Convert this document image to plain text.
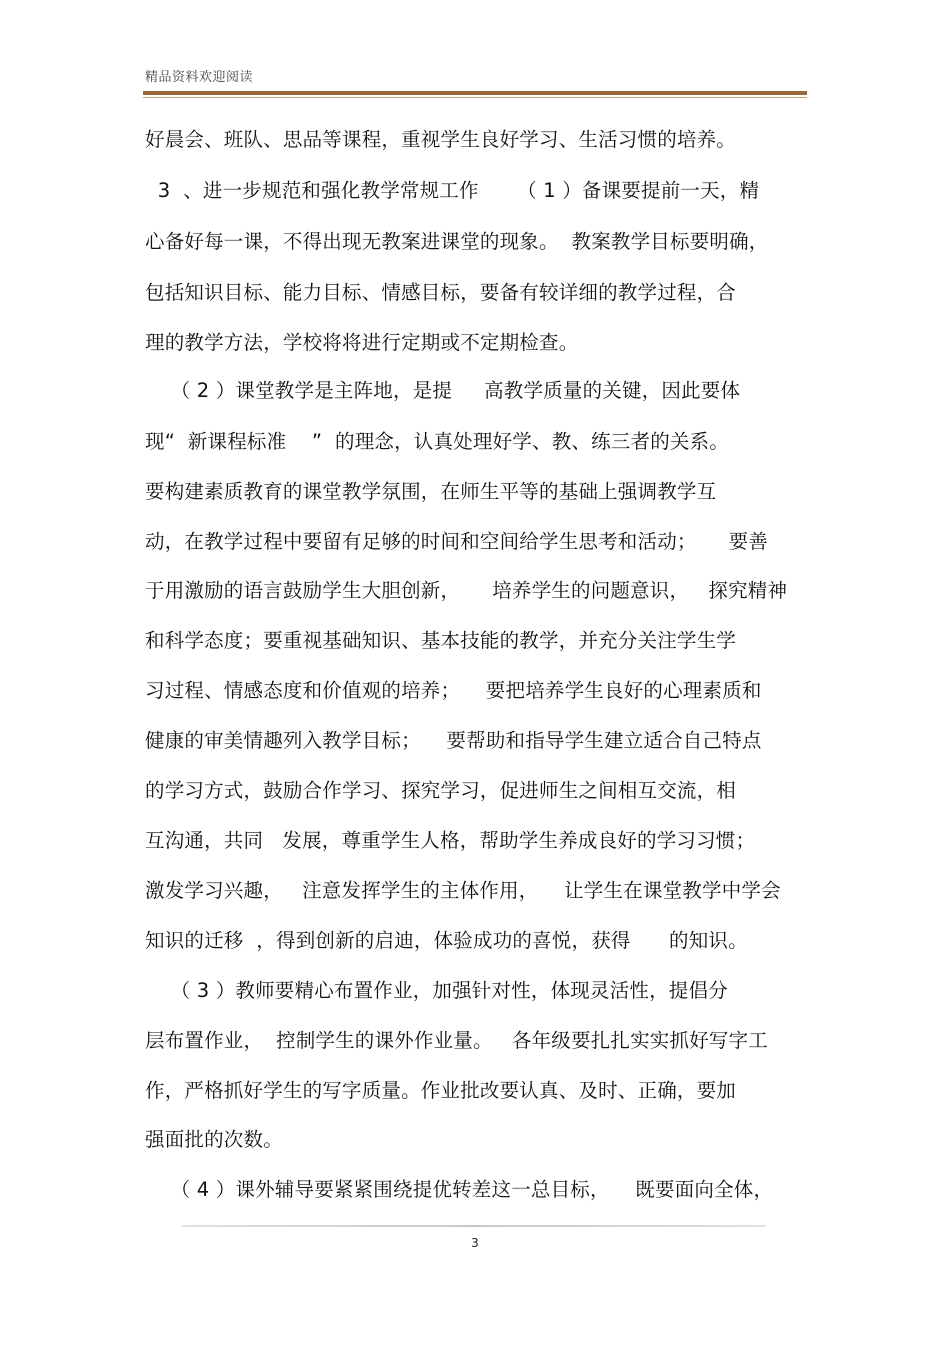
精品资料欢迎阅读
好晨会、班队、思品等课程，重视学生良好学习、生活习惯的培养。
3  、进一步规范和强化教学常规工作      （ 1 ）备课要提前一天，精
心备好每一课，不得出现无教案进课堂的现象。  教案教学目标要明确，
包括知识目标、能力目标、情感目标，要备有较详细的教学过程，合
理的教学方法，学校将将进行定期或不定期检查。
（ 2 ）课堂教学是主阵地，是提     高教学质量的关键，因此要体
现“  新课程标准    ”  的理念，认真处理好学、教、练三者的关系。
要构建素质教育的课堂教学氛围，在师生平等的基础上强调教学互
动，在教学过程中要留有足够的时间和空间给学生思考和活动；     要善
于用激励的语言鼓励学生大胆创新，     培养学生的问题意识，   探究精神
和科学态度；要重视基础知识、基本技能的教学，并充分关注学生学
习过程、情感态度和价值观的培养；    要把培养学生良好的心理素质和
健康的审美情趣列入教学目标；    要帮助和指导学生建立适合自己特点
的学习方式，鼓励合作学习、探究学习，促进师生之间相互交流，相
互沟通，共同   发展，尊重学生人格，帮助学生养成良好的学习习惯；
激发学习兴趣，   注意发挥学生的主体作用，    让学生在课堂教学中学会
知识的迁移  ，得到创新的启迪，体验成功的喜悦，获得      的知识。
（ 3 ）教师要精心布置作业，加强针对性，体现灵活性，提倡分
层布置作业，  控制学生的课外作业量。   各年级要扎扎实实抓好写字工
作，严格抓好学生的写字质量。作业批改要认真、及时、正确，要加
强面批的次数。
（ 4 ）课外辅导要紧紧围绕提优转差这一总目标，    既要面向全体，
3
